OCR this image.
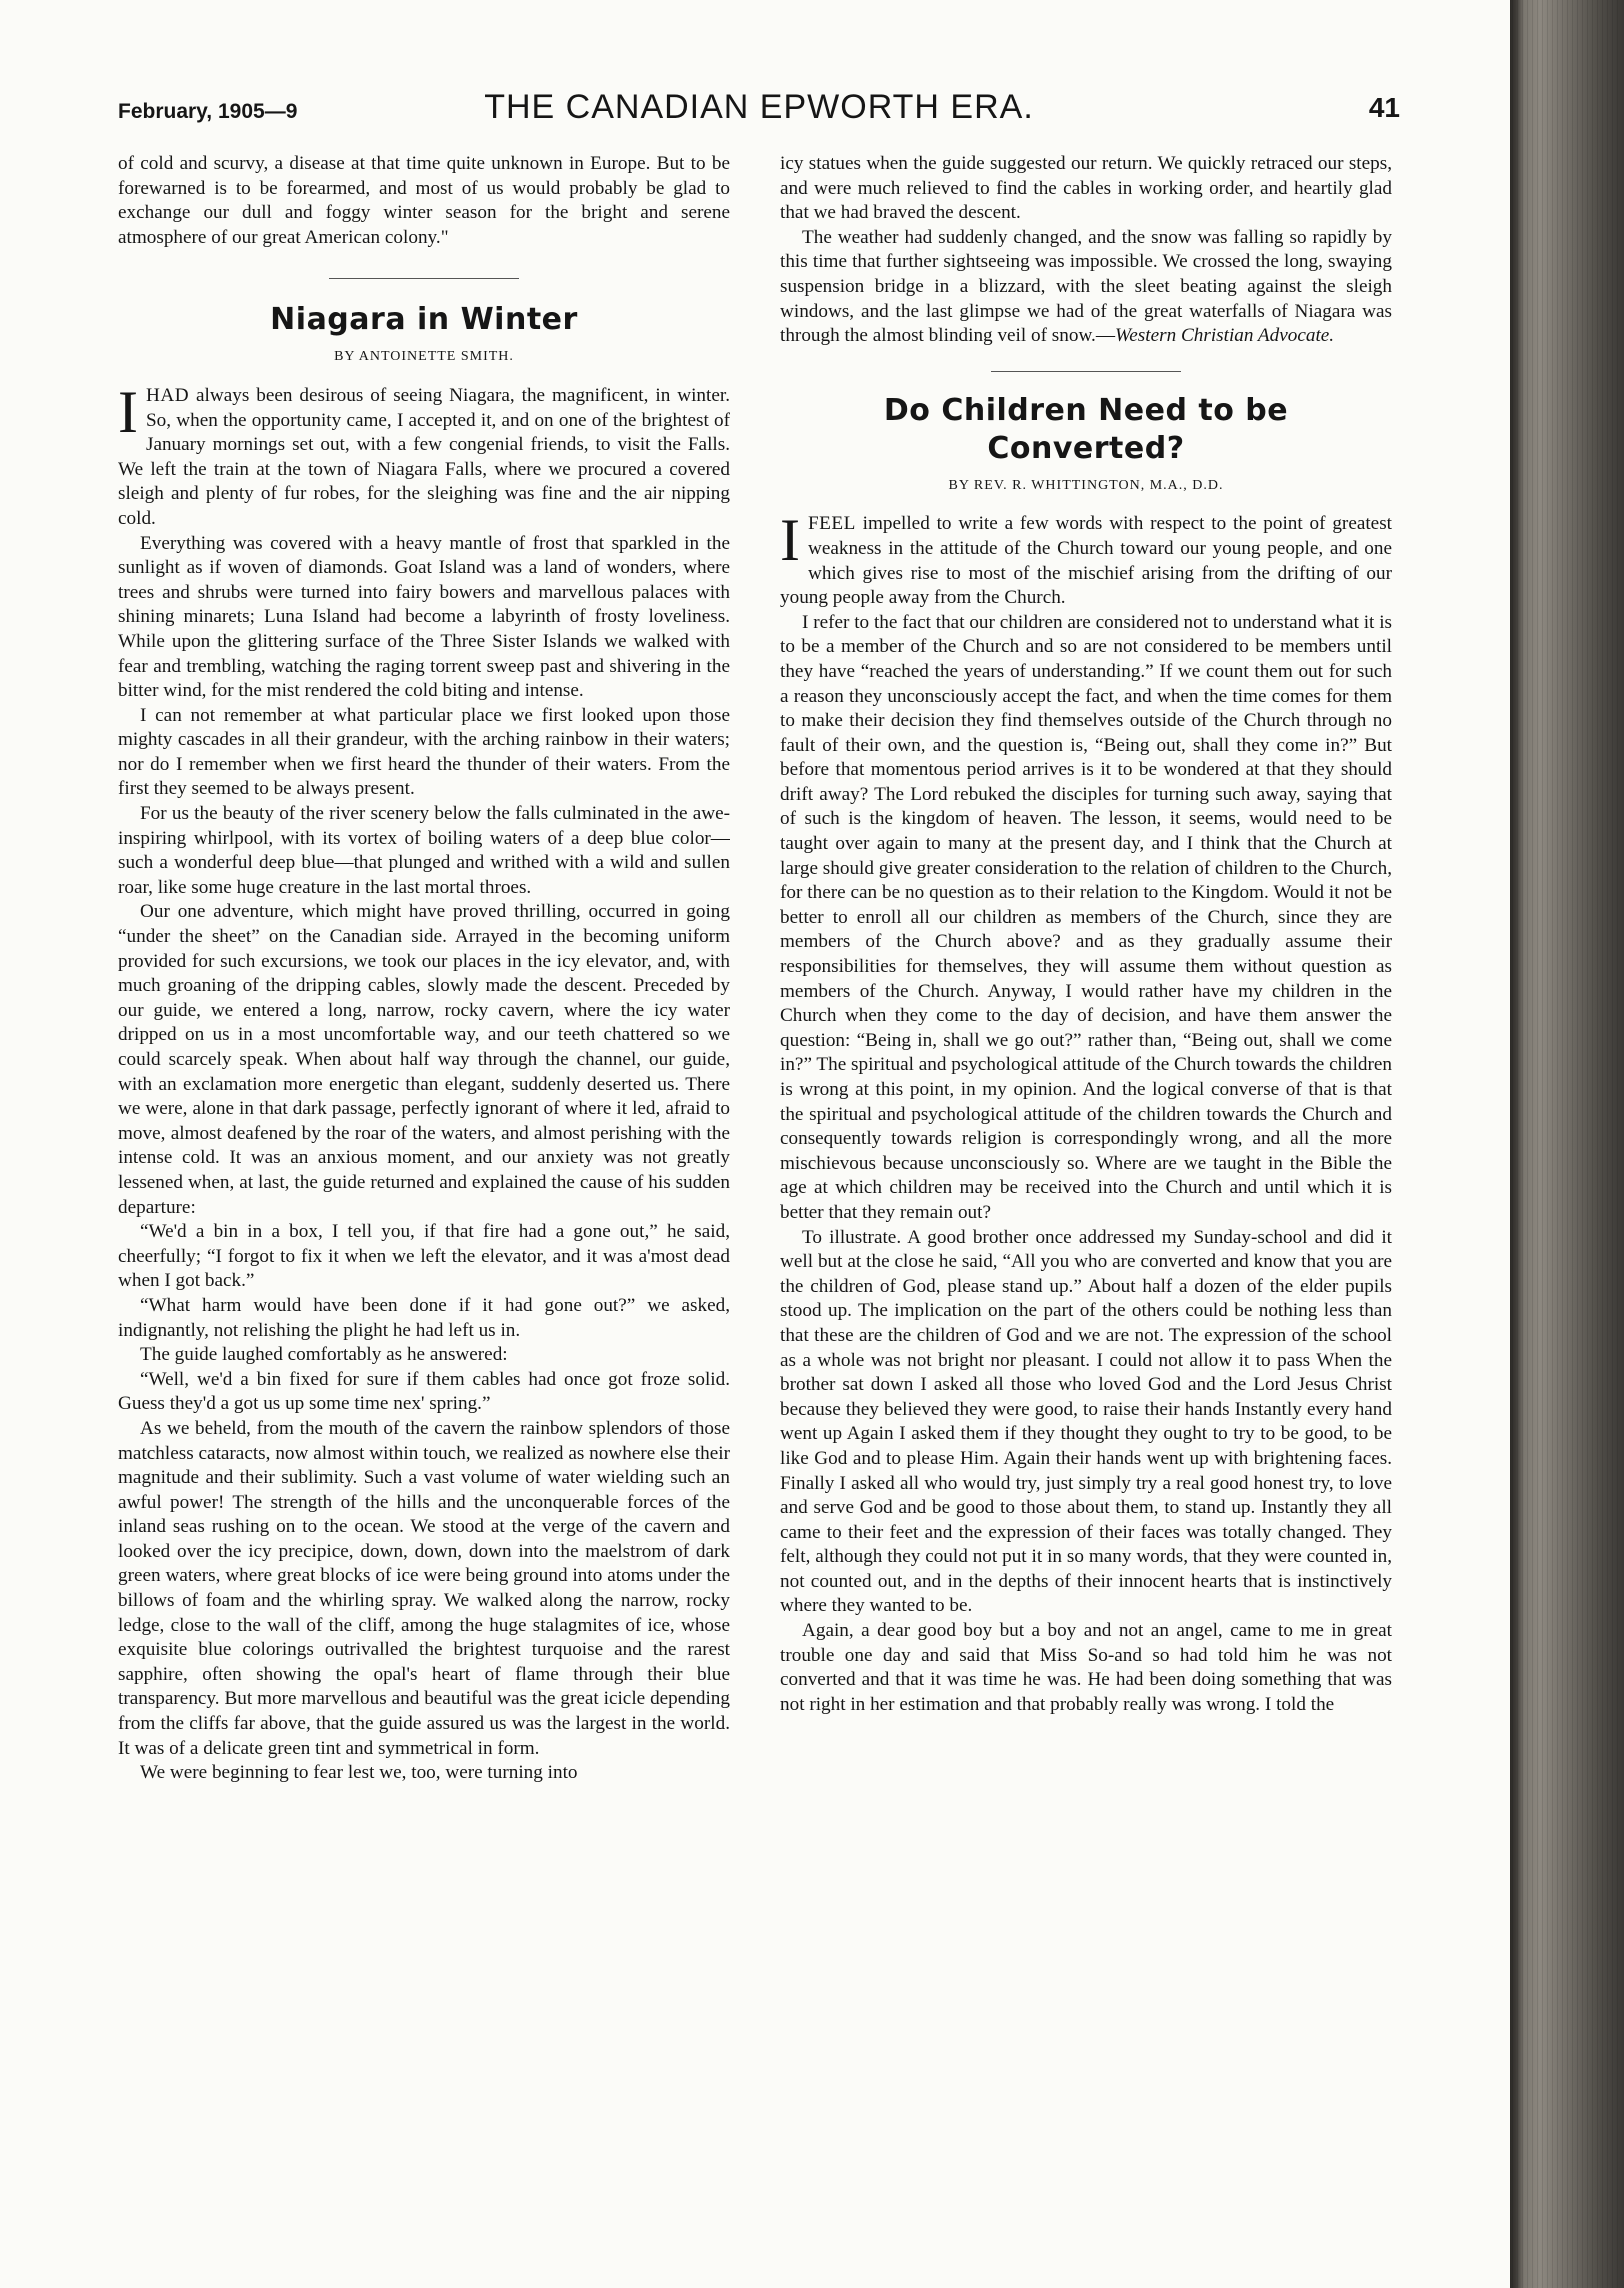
February, 1905—9	THE CANADIAN EPWORTH ERA.	41

of cold and scurvy, a disease at that time quite unknown in Europe. But to be forewarned is to be forearmed, and most of us would probably be glad to exchange our dull and foggy winter season for the bright and serene atmosphere of our great American colony."

Niagara in Winter
BY ANTOINETTE SMITH.

IHAD always been desirous of seeing Niagara, the magnificent, in winter. So, when the opportunity came, I accepted it, and on one of the brightest of January mornings set out, with a few congenial friends, to visit the Falls. We left the train at the town of Niagara Falls, where we procured a covered sleigh and plenty of fur robes, for the sleighing was fine and the air nipping cold.

Everything was covered with a heavy mantle of frost that sparkled in the sunlight as if woven of diamonds. Goat Island was a land of wonders, where trees and shrubs were turned into fairy bowers and marvellous palaces with shining minarets; Luna Island had become a labyrinth of frosty loveliness. While upon the glittering surface of the Three Sister Islands we walked with fear and trembling, watching the raging torrent sweep past and shivering in the bitter wind, for the mist rendered the cold biting and intense.

I can not remember at what particular place we first looked upon those mighty cascades in all their grandeur, with the arching rainbow in their waters; nor do I remember when we first heard the thunder of their waters. From the first they seemed to be always present.

For us the beauty of the river scenery below the falls culminated in the awe-inspiring whirlpool, with its vortex of boiling waters of a deep blue color—such a wonderful deep blue—that plunged and writhed with a wild and sullen roar, like some huge creature in the last mortal throes.

Our one adventure, which might have proved thrilling, occurred in going “under the sheet” on the Canadian side. Arrayed in the becoming uniform provided for such excursions, we took our places in the icy elevator, and, with much groaning of the dripping cables, slowly made the descent. Preceded by our guide, we entered a long, narrow, rocky cavern, where the icy water dripped on us in a most uncomfortable way, and our teeth chattered so we could scarcely speak. When about half way through the channel, our guide, with an exclamation more energetic than elegant, suddenly deserted us. There we were, alone in that dark passage, perfectly ignorant of where it led, afraid to move, almost deafened by the roar of the waters, and almost perishing with the intense cold. It was an anxious moment, and our anxiety was not greatly lessened when, at last, the guide returned and explained the cause of his sudden departure:

“We'd a bin in a box, I tell you, if that fire had a gone out,” he said, cheerfully; “I forgot to fix it when we left the elevator, and it was a'most dead when I got back.”

“What harm would have been done if it had gone out?” we asked, indignantly, not relishing the plight he had left us in.

The guide laughed comfortably as he answered:

“Well, we'd a bin fixed for sure if them cables had once got froze solid. Guess they'd a got us up some time nex' spring.”

As we beheld, from the mouth of the cavern the rainbow splendors of those matchless cataracts, now almost within touch, we realized as nowhere else their magnitude and their sublimity. Such a vast volume of water wielding such an awful power! The strength of the hills and the unconquerable forces of the inland seas rushing on to the ocean. We stood at the verge of the cavern and looked over the icy precipice, down, down, down into the maelstrom of dark green waters, where great blocks of ice were being ground into atoms under the billows of foam and the whirling spray. We walked along the narrow, rocky ledge, close to the wall of the cliff, among the huge stalagmites of ice, whose exquisite blue colorings outrivalled the brightest turquoise and the rarest sapphire, often showing the opal's heart of flame through their blue transparency. But more marvellous and beautiful was the great icicle depending from the cliffs far above, that the guide assured us was the largest in the world. It was of a delicate green tint and symmetrical in form.

We were beginning to fear lest we, too, were turning into

icy statues when the guide suggested our return. We quickly retraced our steps, and were much relieved to find the cables in working order, and heartily glad that we had braved the descent.

The weather had suddenly changed, and the snow was falling so rapidly by this time that further sightseeing was impossible. We crossed the long, swaying suspension bridge in a blizzard, with the sleet beating against the sleigh windows, and the last glimpse we had of the great waterfalls of Niagara was through the almost blinding veil of snow.—Western Christian Advocate.

Do Children Need to be Converted?
BY REV. R. WHITTINGTON, M.A., D.D.

IFEEL impelled to write a few words with respect to the point of greatest weakness in the attitude of the Church toward our young people, and one which gives rise to most of the mischief arising from the drifting of our young people away from the Church.

I refer to the fact that our children are considered not to understand what it is to be a member of the Church and so are not considered to be members until they have “reached the years of understanding.” If we count them out for such a reason they unconsciously accept the fact, and when the time comes for them to make their decision they find themselves outside of the Church through no fault of their own, and the question is, “Being out, shall they come in?” But before that momentous period arrives is it to be wondered at that they should drift away? The Lord rebuked the disciples for turning such away, saying that of such is the kingdom of heaven. The lesson, it seems, would need to be taught over again to many at the present day, and I think that the Church at large should give greater consideration to the relation of children to the Church, for there can be no question as to their relation to the Kingdom. Would it not be better to enroll all our children as members of the Church, since they are members of the Church above? and as they gradually assume their responsibilities for themselves, they will assume them without question as members of the Church. Anyway, I would rather have my children in the Church when they come to the day of decision, and have them answer the question: “Being in, shall we go out?” rather than, “Being out, shall we come in?” The spiritual and psychological attitude of the Church towards the children is wrong at this point, in my opinion. And the logical converse of that is that the spiritual and psychological attitude of the children towards the Church and consequently towards religion is correspondingly wrong, and all the more mischievous because unconsciously so. Where are we taught in the Bible the age at which children may be received into the Church and until which it is better that they remain out?

To illustrate. A good brother once addressed my Sunday-school and did it well but at the close he said, “All you who are converted and know that you are the children of God, please stand up.” About half a dozen of the elder pupils stood up. The implication on the part of the others could be nothing less than that these are the children of God and we are not. The expression of the school as a whole was not bright nor pleasant. I could not allow it to pass When the brother sat down I asked all those who loved God and the Lord Jesus Christ because they believed they were good, to raise their hands Instantly every hand went up Again I asked them if they thought they ought to try to be good, to be like God and to please Him. Again their hands went up with brightening faces. Finally I asked all who would try, just simply try a real good honest try, to love and serve God and be good to those about them, to stand up. Instantly they all came to their feet and the expression of their faces was totally changed. They felt, although they could not put it in so many words, that they were counted in, not counted out, and in the depths of their innocent hearts that is instinctively where they wanted to be.

Again, a dear good boy but a boy and not an angel, came to me in great trouble one day and said that Miss So-and so had told him he was not converted and that it was time he was. He had been doing something that was not right in her estimation and that probably really was wrong. I told the
